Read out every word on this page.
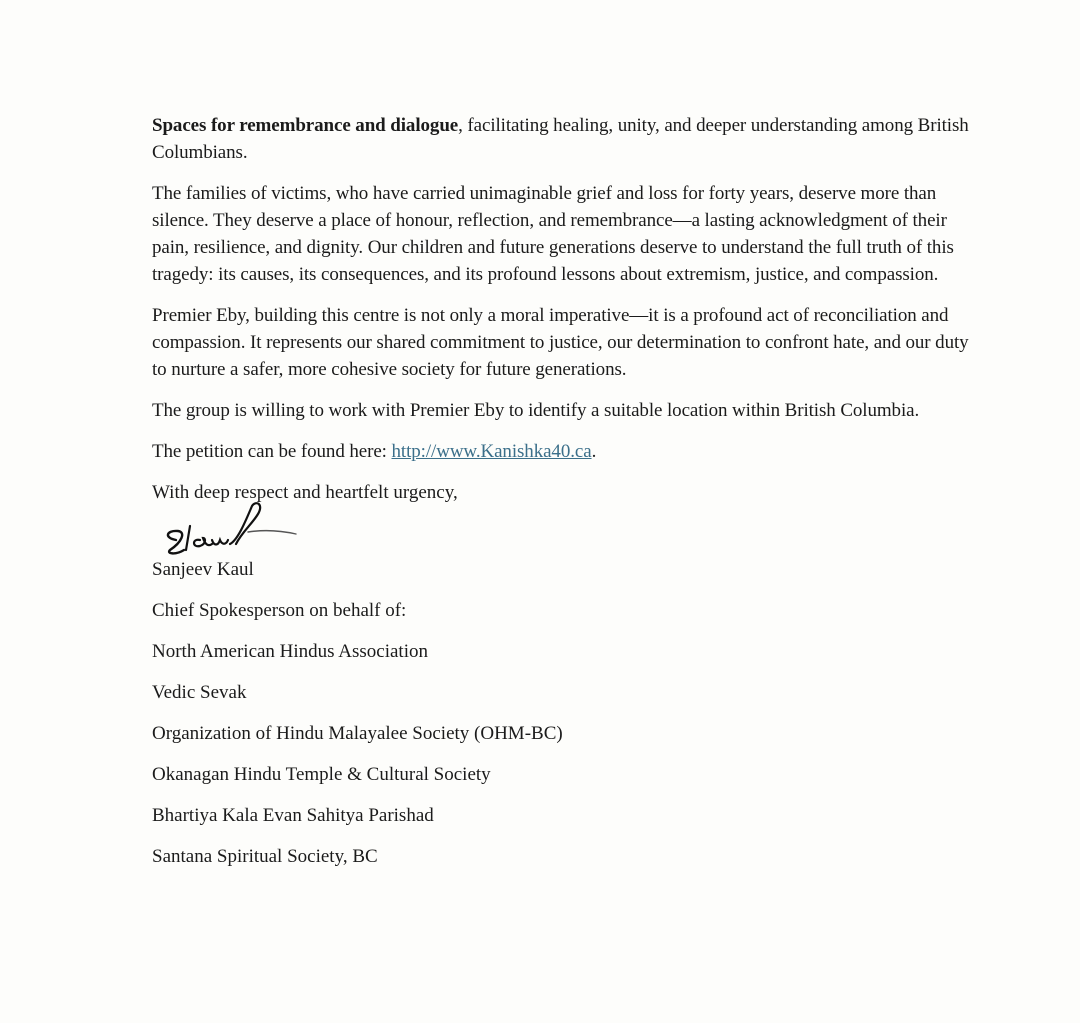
Spaces for remembrance and dialogue, facilitating healing, unity, and deeper understanding among British Columbians.

The families of victims, who have carried unimaginable grief and loss for forty years, deserve more than silence. They deserve a place of honour, reflection, and remembrance—a lasting acknowledgment of their pain, resilience, and dignity. Our children and future generations deserve to understand the full truth of this tragedy: its causes, its consequences, and its profound lessons about extremism, justice, and compassion.

Premier Eby, building this centre is not only a moral imperative—it is a profound act of reconciliation and compassion. It represents our shared commitment to justice, our determination to confront hate, and our duty to nurture a safer, more cohesive society for future generations.

The group is willing to work with Premier Eby to identify a suitable location within British Columbia.

The petition can be found here: http://www.Kanishka40.ca.

With deep respect and heartfelt urgency,

Sanjeev Kaul

Chief Spokesperson on behalf of:

North American Hindus Association

Vedic Sevak

Organization of Hindu Malayalee Society (OHM-BC)

Okanagan Hindu Temple & Cultural Society

Bhartiya Kala Evan Sahitya Parishad

Santana Spiritual Society, BC
